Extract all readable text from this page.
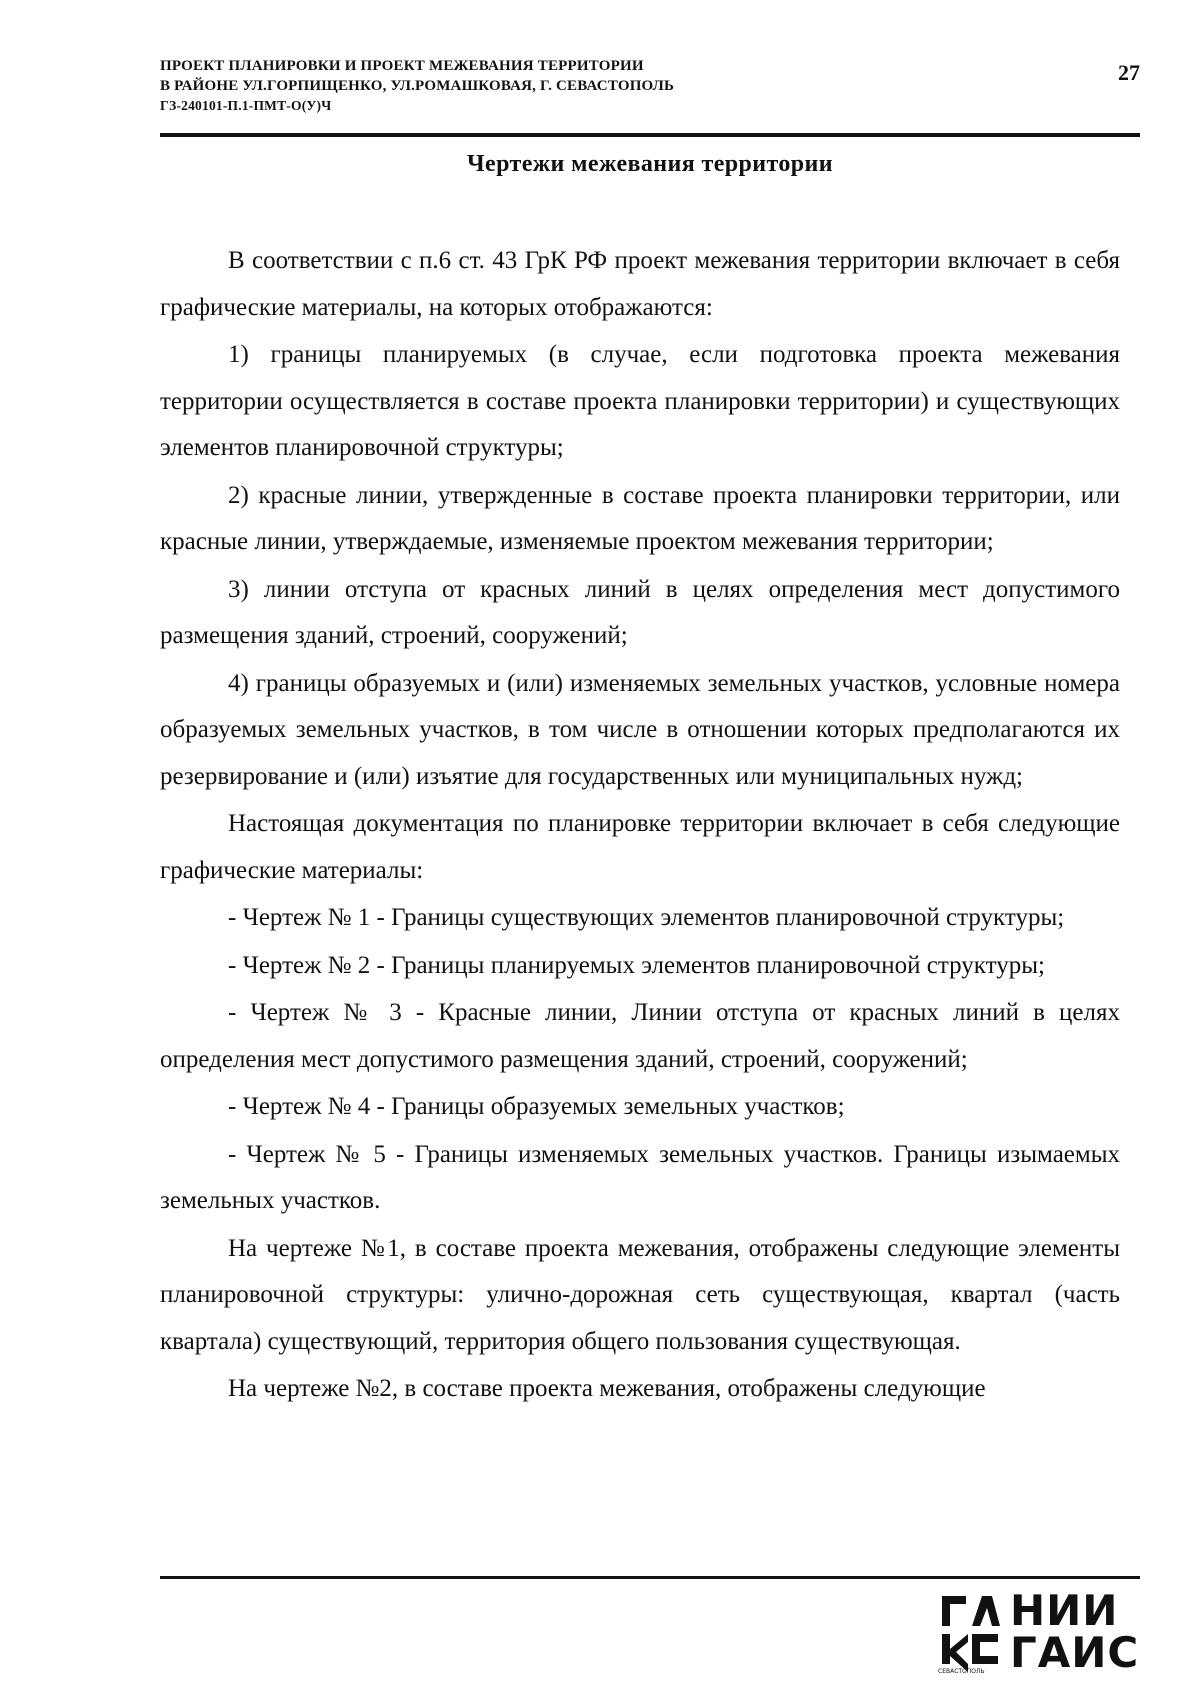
ПРОЕКТ ПЛАНИРОВКИ И ПРОЕКТ МЕЖЕВАНИЯ ТЕРРИТОРИИ
В РАЙОНЕ УЛ.ГОРПИЩЕНКО, УЛ.РОМАШКОВАЯ, Г. СЕВАСТОПОЛЬ
ГЗ-240101-П.1-ПМТ-О(У)Ч
27
Чертежи межевания территории

В соответствии с п.6 ст. 43 ГрК РФ проект межевания территории включает в себя графические материалы, на которых отображаются:

1) границы планируемых (в случае, если подготовка проекта межевания территории осуществляется в составе проекта планировки территории) и существующих элементов планировочной структуры;

2) красные линии, утвержденные в составе проекта планировки территории, или красные линии, утверждаемые, изменяемые проектом межевания территории;

3) линии отступа от красных линий в целях определения мест допустимого размещения зданий, строений, сооружений;

4) границы образуемых и (или) изменяемых земельных участков, условные номера образуемых земельных участков, в том числе в отношении которых предполагаются их резервирование и (или) изъятие для государственных или муниципальных нужд;

Настоящая документация по планировке территории включает в себя следующие графические материалы:

- Чертеж № 1 - Границы существующих элементов планировочной структуры;

- Чертеж № 2 - Границы планируемых элементов планировочной структуры;

- Чертеж № 3 - Красные линии, Линии отступа от красных линий в целях определения мест допустимого размещения зданий, строений, сооружений;

- Чертеж № 4 - Границы образуемых земельных участков;

- Чертеж № 5 - Границы изменяемых земельных участков. Границы изымаемых земельных участков.

На чертеже №1, в составе проекта межевания, отображены следующие элементы планировочной структуры: улично-дорожная сеть существующая, квартал (часть квартала) существующий, территория общего пользования существующая.

На чертеже №2, в составе проекта межевания, отображены следующие

НИИ
ГАИС
СЕВАСТОПОЛЬ
